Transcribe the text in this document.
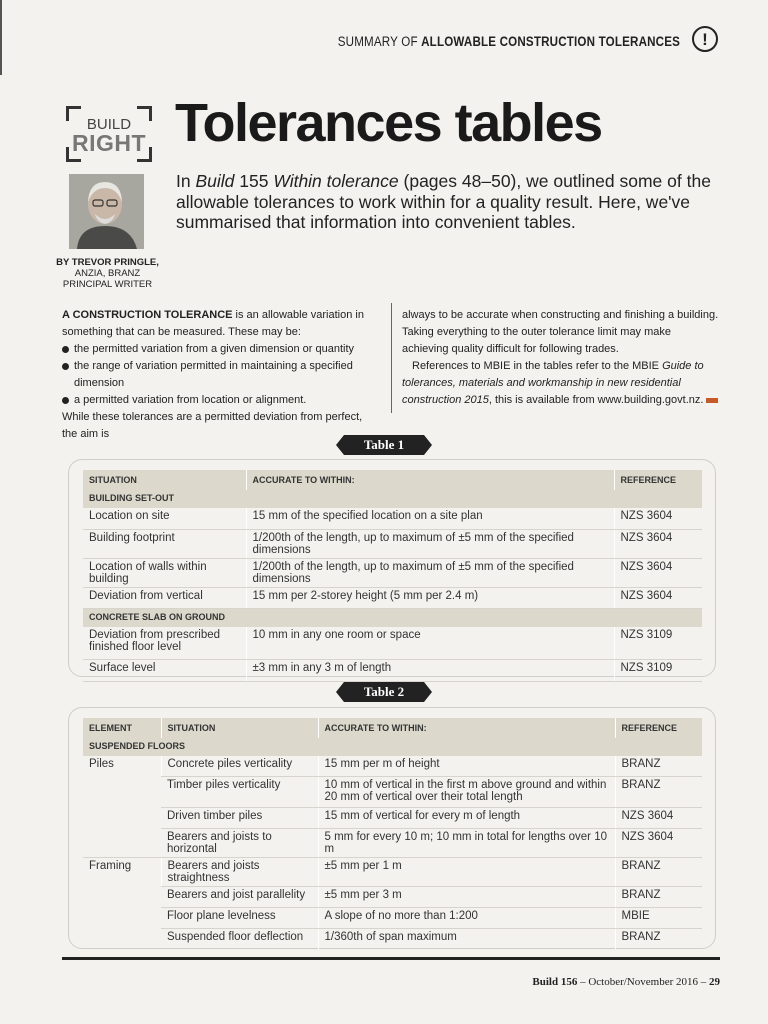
SUMMARY OF ALLOWABLE CONSTRUCTION TOLERANCES	!
BUILD
RIGHT Tolerances tables
In Build 155 Within tolerance (pages 48–50), we outlined some of the allowable tolerances to work within for a quality result. Here, we've summarised that information into convenient tables.
BY TREVOR PRINGLE,
ANZIA, BRANZ PRINCIPAL WRITER
A CONSTRUCTION TOLERANCE is an allowable variation in something that can be measured. These may be:
the permitted variation from a given dimension or quantity
the range of variation permitted in maintaining a specified dimension
a permitted variation from location or alignment.
While these tolerances are a permitted deviation from perfect, the aim is
always to be accurate when constructing and finishing a building. Taking everything to the outer tolerance limit may make achieving quality difficult for following trades.
References to MBIE in the tables refer to the MBIE Guide to tolerances, materials and workmanship in new residential construction 2015, this is available from www.building.govt.nz.
Table 1
SITUATION	ACCURATE TO WITHIN:	REFERENCE
BUILDING SET-OUT		
Location on site	15 mm of the specified location on a site plan	NZS 3604
Building footprint	1/200th of the length, up to maximum of ±5 mm of the specified dimensions	NZS 3604
Location of walls within building	1/200th of the length, up to maximum of ±5 mm of the specified dimensions	NZS 3604
Deviation from vertical	15 mm per 2-storey height (5 mm per 2.4 m)	NZS 3604
CONCRETE SLAB ON GROUND		
Deviation from prescribed finished floor level	10 mm in any one room or space	NZS 3109
Surface level	±3 mm in any 3 m of length	NZS 3109
Table 2
ELEMENT	SITUATION	ACCURATE TO WITHIN:	REFERENCE
SUSPENDED FLOORS			
Piles	Concrete piles verticality	15 mm per m of height	BRANZ
	Timber piles verticality	10 mm of vertical in the first m above ground and within 20 mm of vertical over their total length	BRANZ
	Driven timber piles	15 mm of vertical for every m of length	NZS 3604
	Bearers and joists to horizontal	5 mm for every 10 m; 10 mm in total for lengths over 10 m	NZS 3604
Framing	Bearers and joists straightness	±5 mm per 1 m	BRANZ
	Bearers and joist parallelity	±5 mm per 3 m	BRANZ
	Floor plane levelness	A slope of no more than 1:200	MBIE
	Suspended floor deflection	1/360th of span maximum	BRANZ
Build 156 – October/November 2016 – 29
